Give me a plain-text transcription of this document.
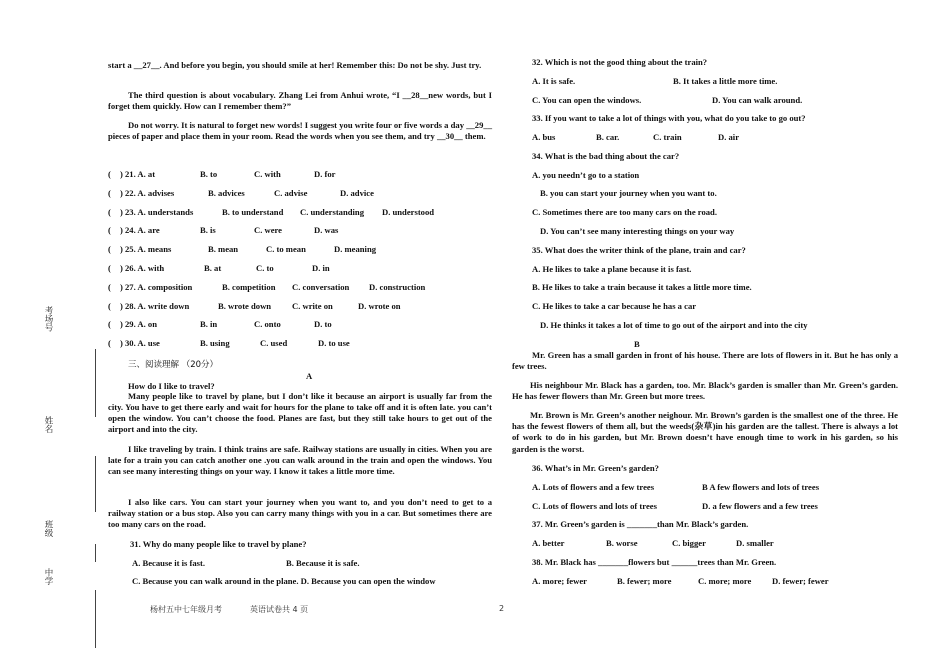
考场号
姓名
班级
中学

start a __27__. And before you begin, you should smile at her! Remember this: Do not be shy. Just try.

The third question is about vocabulary. Zhang Lei from Anhui wrote, “I __28__new words, but I forget them quickly. How can I remember them?”

Do not worry. It is natural to forget new words! I suggest you write four or five words a day __29__ pieces of paper and place them in your room. Read the words when you see them, and try __30__ them.

( ) 21. A. at	B. to	C. with	D. for
( ) 22. A. advises	B. advices	C. advise	D. advice
( ) 23. A. understands	B. to understand C. understanding D. understood
( ) 24. A. are	B. is	C. were	D. was
( ) 25. A. means	B. mean	C. to mean	D. meaning
( ) 26. A. with	B. at	C. to	D. in
( ) 27. A. composition	B. competition C. conversation D. construction
( ) 28. A. write down	B. wrote down C. write on	D. wrote on
( ) 29. A. on	B. in	C. onto	D. to
( ) 30. A. use	B. using	C. used	D. to use

三、阅读理解 （20分）

A

How do I like to travel?

Many people like to travel by plane, but I don’t like it because an airport is usually far from the city. You have to get there early and wait for hours for the plane to take off and it is often late. you can’t open the window. You can’t choose the food. Planes are fast, but they still take hours to get out of the airport and into the city.

I like traveling by train. I think trains are safe. Railway stations are usually in cities. When you are late for a train you can catch another one .you can walk around in the train and open the windows. You can see many interesting things on your way. I know it takes a little more time.

I also like cars. You can start your journey when you want to, and you don’t need to get to a railway station or a bus stop. Also you can carry many things with you in a car. But sometimes there are too many cars on the road.

31. Why do many people like to travel by plane?

A. Because it is fast.	B. Because it is safe.

C. Because you can walk around in the plane. D. Because you can open the window

32. Which is not the good thing about the train?

A. It is safe.	B. It takes a little more time.

C. You can open the windows.	D. You can walk around.

33. If you want to take a lot of things with you, what do you take to go out?

A. bus	B. car.	C. train	D. air

34. What is the bad thing about the car?

A. you needn’t go to a station

B. you can start your journey when you want to.

C. Sometimes there are too many cars on the road.

D. You can’t see many interesting things on your way

35. What does the writer think of the plane, train and car?

A. He likes to take a plane because it is fast.

B. He likes to take a train because it takes a little more time.

C. He likes to take a car because he has a car

D. He thinks it takes a lot of time to go out of the airport and into the city

B

Mr. Green has a small garden in front of his house. There are lots of flowers in it. But he has only a few trees.

His neighbour Mr. Black has a garden, too. Mr. Black’s garden is smaller than Mr. Green’s garden. He has fewer flowers than Mr. Green but more trees.

Mr. Brown is Mr. Green’s another neighour. Mr. Brown’s garden is the smallest one of the three. He has the fewest flowers of them all, but the weeds(杂草)in his garden are the tallest. There is always a lot of work to do in his garden, but Mr. Brown doesn’t have enough time to work in his garden, so his garden is the worst.

36. What’s in Mr. Green’s garden?

A. Lots of flowers and a few trees	B A few flowers and lots of trees

C. Lots of flowers and lots of trees	D. a few flowers and a few trees

37. Mr. Green’s garden is _______than Mr. Black’s garden.

A. better	B. worse	C. bigger	D. smaller

38. Mr. Black has _______flowers but ______trees than Mr. Green.

A. more; fewer	B. fewer; more	C. more; more D. fewer; fewer

杨村五中七年级月考	英语试卷共 4 页	2
